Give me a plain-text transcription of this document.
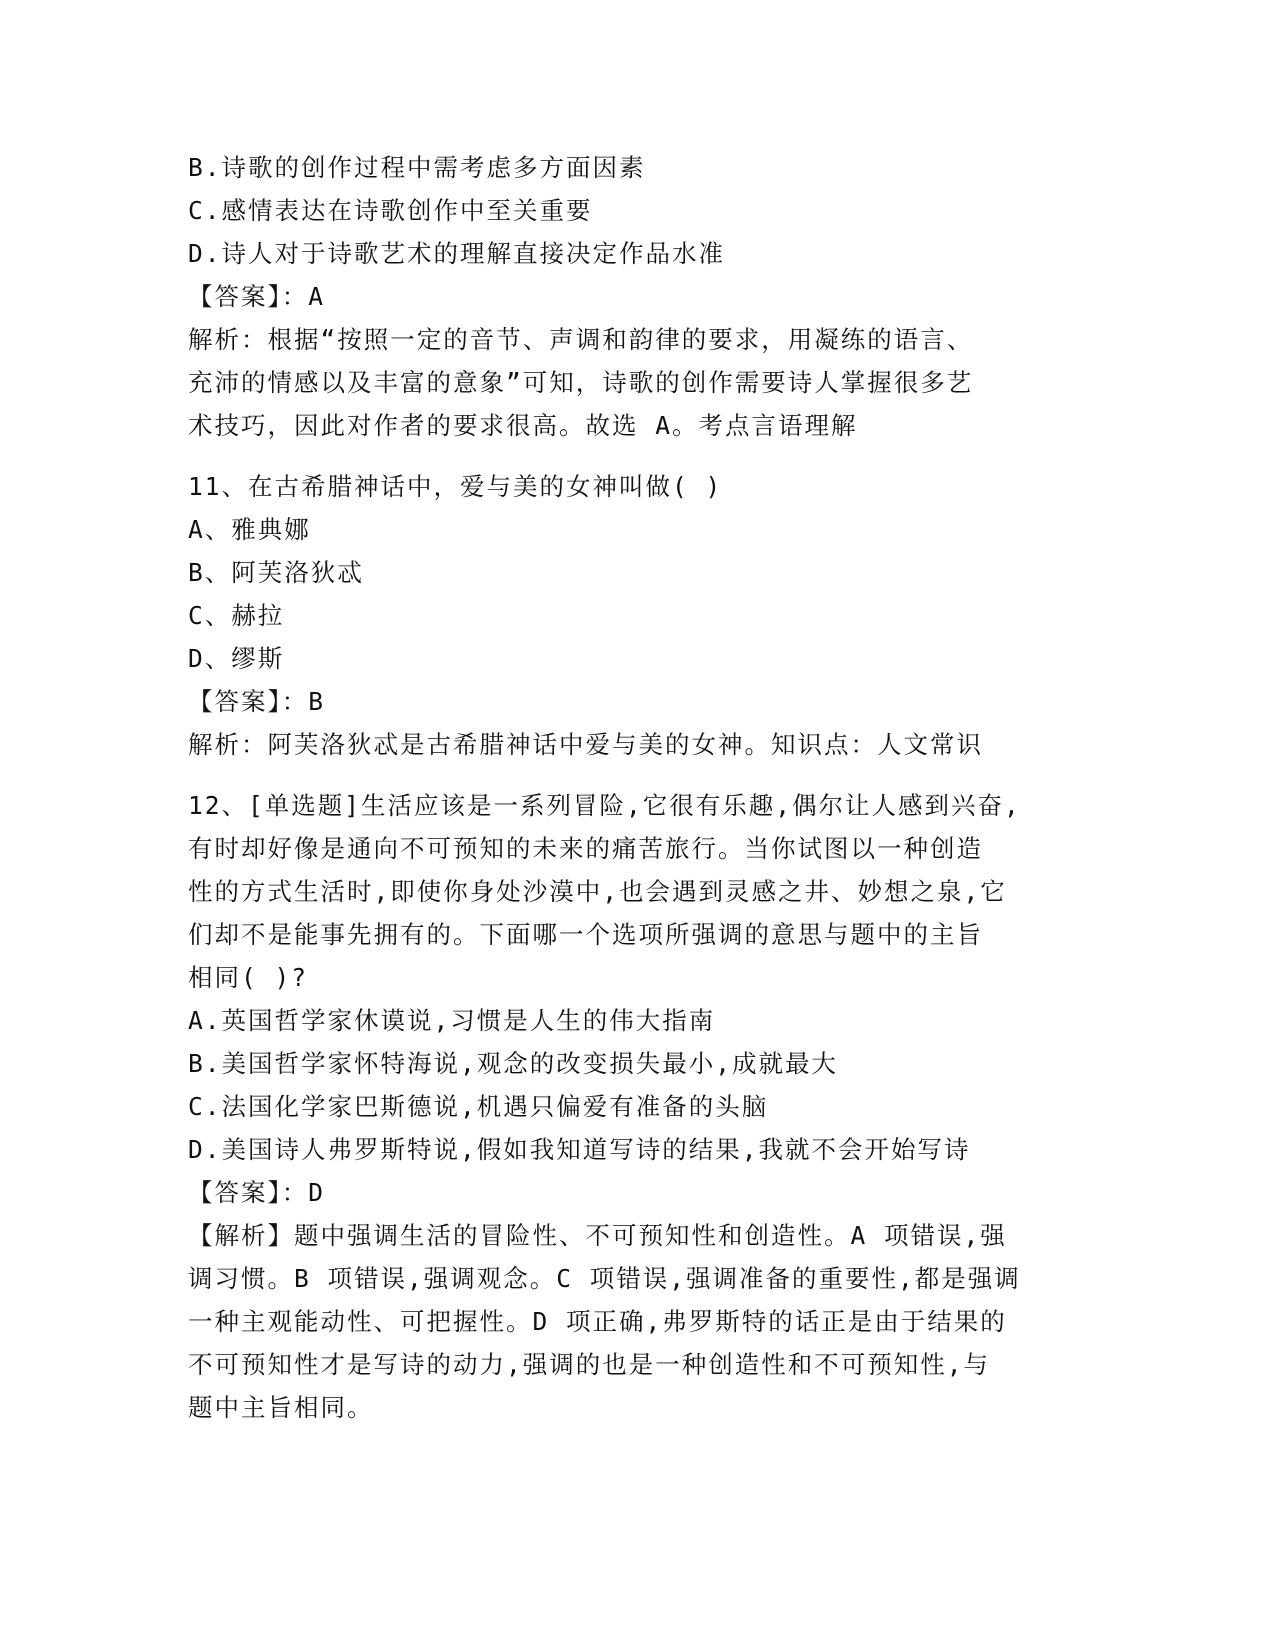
B.诗歌的创作过程中需考虑多方面因素
C.感情表达在诗歌创作中至关重要
D.诗人对于诗歌艺术的理解直接决定作品水准
【答案】：A
解析：根据“按照一定的音节、声调和韵律的要求，用凝练的语言、
充沛的情感以及丰富的意象”可知，诗歌的创作需要诗人掌握很多艺
术技巧，因此对作者的要求很高。故选 A。考点言语理解
11、在古希腊神话中，爱与美的女神叫做( )
A、雅典娜
B、阿芙洛狄忒
C、赫拉
D、缪斯
【答案】：B
解析：阿芙洛狄忒是古希腊神话中爱与美的女神。知识点：人文常识
12、[单选题]生活应该是一系列冒险,它很有乐趣,偶尔让人感到兴奋,
有时却好像是通向不可预知的未来的痛苦旅行。当你试图以一种创造
性的方式生活时,即使你身处沙漠中,也会遇到灵感之井、妙想之泉,它
们却不是能事先拥有的。下面哪一个选项所强调的意思与题中的主旨
相同( )?
A.英国哲学家休谟说,习惯是人生的伟大指南
B.美国哲学家怀特海说,观念的改变损失最小,成就最大
C.法国化学家巴斯德说,机遇只偏爱有准备的头脑
D.美国诗人弗罗斯特说,假如我知道写诗的结果,我就不会开始写诗
【答案】：D
【解析】题中强调生活的冒险性、不可预知性和创造性。A 项错误,强
调习惯。B 项错误,强调观念。C 项错误,强调准备的重要性,都是强调
一种主观能动性、可把握性。D 项正确,弗罗斯特的话正是由于结果的
不可预知性才是写诗的动力,强调的也是一种创造性和不可预知性,与
题中主旨相同。
